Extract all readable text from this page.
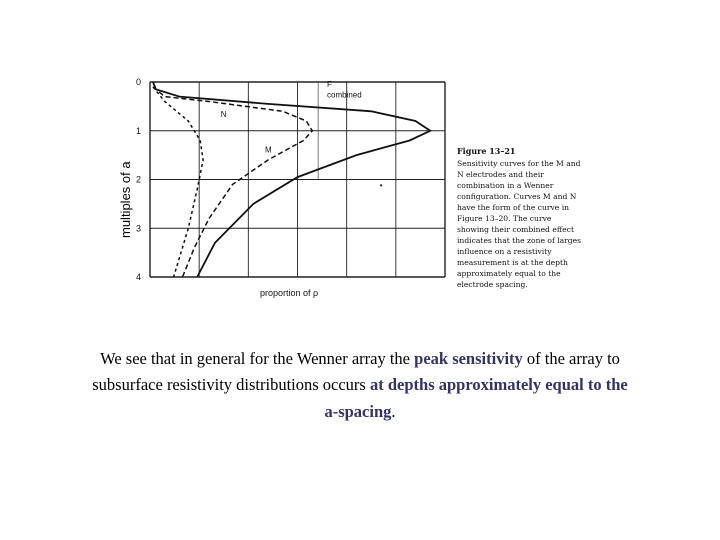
0
1
2
3
4
F
combined
N
M
multiples of a
proportion of ρ
Figure 13–21
Sensitivity curves for the M and
N electrodes and their
combination in a Wenner
configuration. Curves M and N
have the form of the curve in
Figure 13–20. The curve
showing their combined effect
indicates that the zone of larges
influence on a resistivity
measurement is at the depth
approximately equal to the
electrode spacing.
We see that in general for the Wenner array the peak sensitivity of the array to subsurface resistivity distributions occurs at depths approximately equal to the a-spacing.
